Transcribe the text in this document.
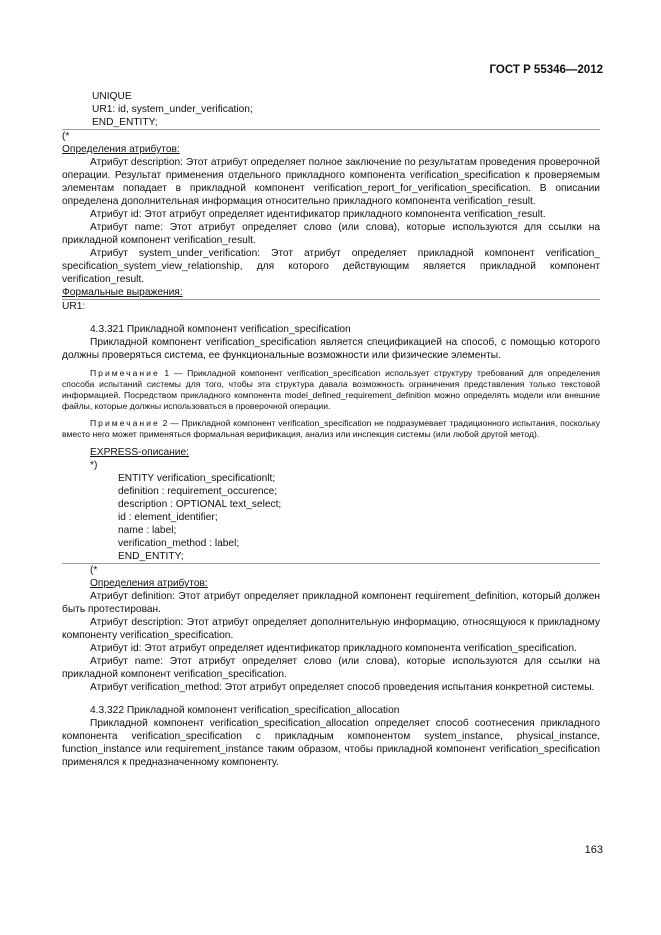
ГОСТ Р 55346—2012
UNIQUE
UR1: id, system_under_verification;
END_ENTITY;
(*
Определения атрибутов:
Атрибут description: Этот атрибут определяет полное заключение по результатам проведения проверочной операции. Результат применения отдельного прикладного компонента verification_specification к проверяемым элементам попадает в прикладной компонент verification_report_for_verification_specification. В описании определена дополнительная информация относительно прикладного компонента verification_result.
Атрибут id: Этот атрибут определяет идентификатор прикладного компонента verification_result.
Атрибут name: Этот атрибут определяет слово (или слова), которые используются для ссылки на прикладной компонент verification_result.
Атрибут system_under_verification: Этот атрибут определяет прикладной компонент verification_ specification_system_view_relationship, для которого действующим является прикладной компонент verification_result.
Формальные выражения:
UR1:
4.3.321 Прикладной компонент verification_specification
Прикладной компонент verification_specification является спецификацией на способ, с помощью которого должны проверяться система, ее функциональные возможности или физические элементы.
Примечание 1 — Прикладной компонент verification_specification использует структуру требований для определения способа испытаний системы для того, чтобы эта структура давала возможность ограничения представления только текстовой информацией. Посредством прикладного компонента model_defined_requirement_definition можно определять модели или внешние файлы, которые должны использоваться в проверочной операции.
Примечание 2 — Прикладной компонент verification_specification не подразумевает традиционного испытания, поскольку вместо него может применяться формальная верификация, анализ или инспекция системы (или любой другой метод).
EXPRESS-описание:
*)
ENTITY verification_specificationlt;
definition : requirement_occurence;
description : OPTIONAL text_select;
id : element_identifier;
name : label;
verification_method : label;
END_ENTITY;
(*
Определения атрибутов:
Атрибут definition: Этот атрибут определяет прикладной компонент requirement_definition, который должен быть протестирован.
Атрибут description: Этот атрибут определяет дополнительную информацию, относящуюся к прикладному компоненту verification_specification.
Атрибут id: Этот атрибут определяет идентификатор прикладного компонента verification_specification.
Атрибут name: Этот атрибут определяет слово (или слова), которые используются для ссылки на прикладной компонент verification_specification.
Атрибут verification_method: Этот атрибут определяет способ проведения испытания конкретной системы.
4.3.322 Прикладной компонент verification_specification_allocation
Прикладной компонент verification_specification_allocation определяет способ соотнесения прикладного компонента verification_specification с прикладным компонентом system_instance, physical_instance, function_instance или requirement_instance таким образом, чтобы прикладной компонент verification_specification применялся к предназначенному компоненту.
163
